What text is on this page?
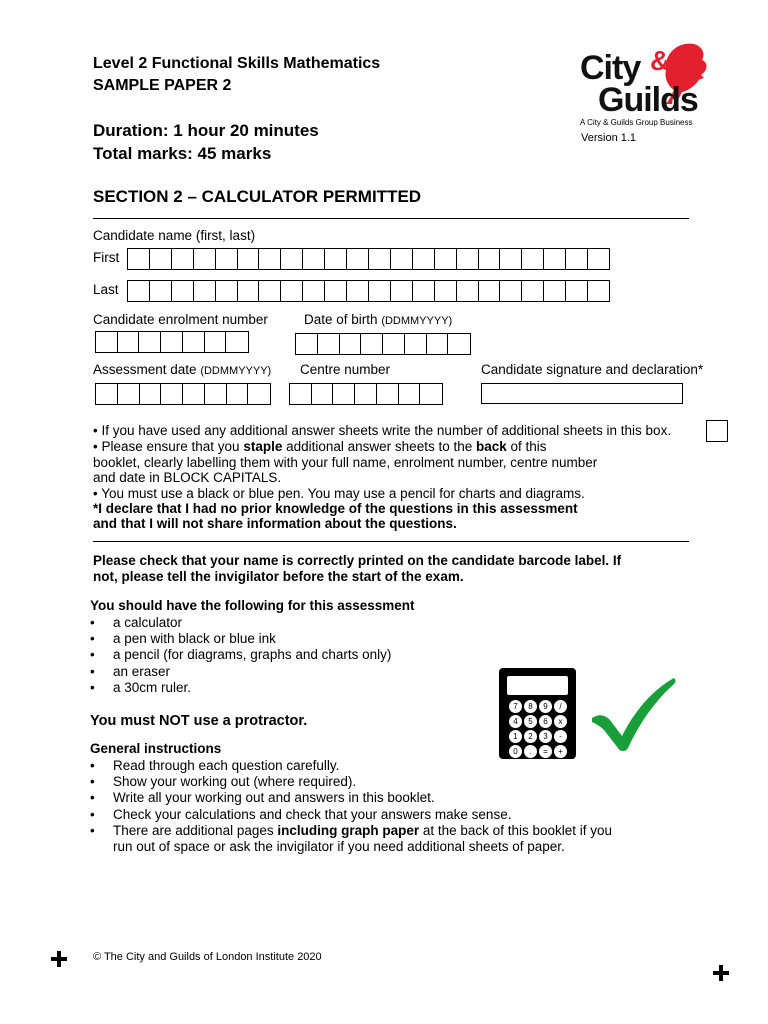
Level 2 Functional Skills Mathematics
SAMPLE PAPER 2
Duration: 1 hour 20 minutes
Total marks: 45 marks
SECTION 2 – CALCULATOR PERMITTED
City &
Guilds
A City & Guilds Group Business
Version 1.1
Candidate name (first, last)
First
Last
Candidate enrolment number	Date of birth (DDMMYYYY)
Assessment date (DDMMYYYY) Centre number	Candidate signature and declaration*
• If you have used any additional answer sheets write the number of additional sheets in this box.
• Please ensure that you staple additional answer sheets to the back of this
booklet, clearly labelling them with your full name, enrolment number, centre number
and date in BLOCK CAPITALS.
• You must use a black or blue pen. You may use a pencil for charts and diagrams.
*I declare that I had no prior knowledge of the questions in this assessment
and that I will not share information about the questions.
Please check that your name is correctly printed on the candidate barcode label. If
not, please tell the invigilator before the start of the exam.
You should have the following for this assessment
• a calculator
• a pen with black or blue ink
• a pencil (for diagrams, graphs and charts only)
• an eraser
• a 30cm ruler.
You must NOT use a protractor.
General instructions
• Read through each question carefully.
• Show your working out (where required).
• Write all your working out and answers in this booklet.
• Check your calculations and check that your answers make sense.
• There are additional pages including graph paper at the back of this booklet if you
run out of space or ask the invigilator if you need additional sheets of paper.
7	8	9	/
4	5	6	x
1	2	3	-
0	.	=	+
© The City and Guilds of London Institute 2020
